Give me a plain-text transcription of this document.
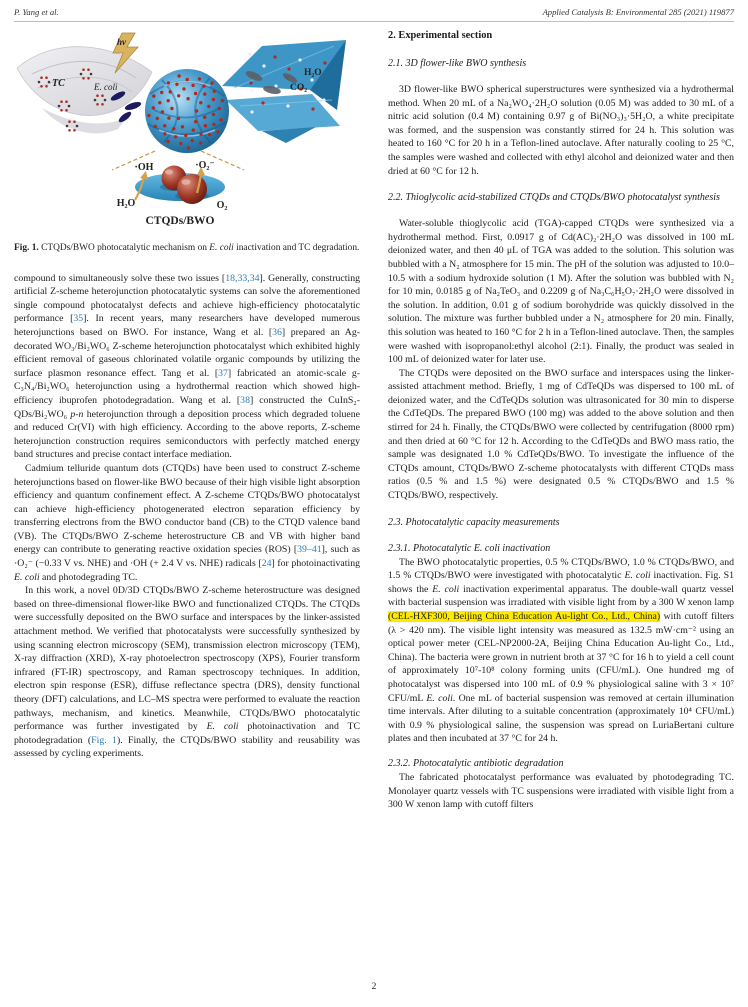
P. Yang et al.	Applied Catalysis B: Environmental 285 (2021) 119877
hν
TC	E. coli
H₂O
CO₂
·OH	·O₂⁻
H₂O	O₂
CTQDs/BWO

Fig. 1. CTQDs/BWO photocatalytic mechanism on E. coli inactivation and TC degradation.

compound to simultaneously solve these two issues [18,33,34]. Generally, constructing artificial Z-scheme heterojunction photocatalytic systems can solve the aforementioned single compound photocatalyst defects and achieve high-efficiency photocatalytic performance [35]. In recent years, many researchers have developed numerous heterojunctions based on BWO. For instance, Wang et al. [36] prepared an Ag-decorated WO₃/Bi₂WO₆ Z-scheme heterojunction photocatalyst which exhibited highly efficient removal of gaseous chlorinated volatile organic compounds by utilizing the surface plasmon resonance effect. Tang et al. [37] fabricated an atomic-scale g-C₃N₄/Bi₂WO₆ heterojunction using a hydrothermal reaction which showed high-efficiency ibuprofen photodegradation. Wang et al. [38] constructed the CuInS₂-QDs/Bi₂WO₆ p-n heterojunction through a deposition process which degraded toluene and reduced Cr(VI) with high efficiency. According to the above reports, Z-scheme heterojunction construction requires semiconductors with perfectly matched energy band structures and precise contact interface mediation.

Cadmium telluride quantum dots (CTQDs) have been used to construct Z-scheme heterojunctions based on flower-like BWO because of their high visible light absorption efficiency and quantum confinement effect. A Z-scheme CTQDs/BWO photocatalyst can achieve high-efficiency photogenerated electron separation efficiency by transferring electrons from the BWO conductor band (CB) to the CTQD valence band (VB). The CTQDs/BWO Z-scheme heterostructure CB and VB with higher band energy can contribute to generating reactive oxidation species (ROS) [39–41], such as ·O₂⁻ (−0.33 V vs. NHE) and ·OH (+ 2.4 V vs. NHE) radicals [24] for photoinactivating E. coli and photodegrading TC.

In this work, a novel 0D/3D CTQDs/BWO Z-scheme heterostructure was designed based on three-dimensional flower-like BWO and functionalized CTQDs. The CTQDs were successfully deposited on the BWO surface and interspaces by the linker-assisted attachment method. We verified that photocatalysts were successfully synthesized by using scanning electron microscopy (SEM), transmission electron microscopy (TEM), X-ray diffraction (XRD), X-ray photoelectron spectroscopy (XPS), Fourier transform infrared (FT-IR) spectroscopy, and Raman spectroscopy techniques. In addition, electron spin response (ESR), diffuse reflectance spectra (DRS), density functional theory (DFT) calculations, and LC–MS spectra were performed to evaluate the reaction pathways, mechanism, and kinetics. Meanwhile, CTQDs/BWO photocatalytic performance was further investigated by E. coli photoinactivation and TC photodegradation (Fig. 1). Finally, the CTQDs/BWO stability and reusability was assessed by cycling experiments.

2. Experimental section
2.1. 3D flower-like BWO synthesis

3D flower-like BWO spherical superstructures were synthesized via a hydrothermal method. When 20 mL of a Na₂WO₄·2H₂O solution (0.05 M) was added to 30 mL of a nitric acid solution (0.4 M) containing 0.97 g of Bi(NO₃)₃·5H₂O, a white precipitate was formed, and the suspension was constantly stirred for 24 h. This solution was heated to 160 °C for 20 h in a Teflon-lined autoclave. After naturally cooling to 25 °C, the samples were washed and collected with ethyl alcohol and deionized water and then dried at 60 °C for 12 h.

2.2. Thioglycolic acid-stabilized CTQDs and CTQDs/BWO photocatalyst synthesis

Water-soluble thioglycolic acid (TGA)-capped CTQDs were synthesized via a hydrothermal method. First, 0.0917 g of Cd(AC)₂·2H₂O was dissolved in 100 mL deionized water, and then 40 μL of TGA was added to the solution. This solution was bubbled with a N₂ atmosphere for 15 min. The pH of the solution was adjusted to 10.0–10.5 with a sodium hydroxide solution (1 M). After the solution was bubbled with N₂ for 10 min, 0.0185 g of Na₂TeO₃ and 0.2209 g of Na₃C₆H₅O₇·2H₂O were dissolved in the solution. In addition, 0.01 g of sodium borohydride was quickly dissolved in the solution. The mixture was further bubbled under a N₂ atmosphere for 20 min. Finally, this solution was heated to 160 °C for 2 h in a Teflon-lined autoclave. Then, the samples were washed with isopropanol:ethyl alcohol (2:1). Finally, the product was sealed in 100 mL of deionized water for later use.

The CTQDs were deposited on the BWO surface and interspaces using the linker-assisted attachment method. Briefly, 1 mg of CdTeQDs was dispersed to 100 mL of deionized water, and the CdTeQDs solution was ultrasonicated for 30 min to disperse the CdTeQDs. The prepared BWO (100 mg) was added to the above solution and then stirred for 24 h. Finally, the CTQDs/BWO were collected by centrifugation (8000 rpm) and then dried at 60 °C for 12 h. According to the CdTeQDs and BWO mass ratio, the sample was designated 1.0 % CdTeQDs/BWO. To investigate the influence of the CTQDs amount, CTQDs/BWO Z-scheme photocatalysts with different CTQDs mass ratios (0.5 % and 1.5 %) were designated 0.5 % CTQDs/BWO and 1.5 % CTQDs/BWO, respectively.

2.3. Photocatalytic capacity measurements
2.3.1. Photocatalytic E. coli inactivation

The BWO photocatalytic properties, 0.5 % CTQDs/BWO, 1.0 % CTQDs/BWO, and 1.5 % CTQDs/BWO were investigated with photocatalytic E. coli inactivation. Fig. S1 shows the E. coli inactivation experimental apparatus. The double-wall quartz vessel with bacterial suspension was irradiated with visible light from by a 300 W xenon lamp (CEL-HXF300, Beijing China Education Au-light Co., Ltd., China) with cutoff filters (λ > 420 nm). The visible light intensity was measured as 132.5 mW·cm⁻² using an optical power meter (CEL-NP2000-2A, Beijing China Education Au-light Co., Ltd., China). The bacteria were grown in nutrient broth at 37 °C for 16 h to yield a cell count of approximately 10⁷-10⁸ colony forming units (CFU/mL). One hundred mg of photocatalyst was dispersed into 100 mL of 0.9 % physiological saline with 3 × 10⁷ CFU/mL E. coli. One mL of bacterial suspension was removed at certain illumination time intervals. After diluting to a suitable concentration (approximately 10⁴ CFU/mL) with 0.9 % physiological saline, the suspension was spread on LuriaBertani culture plates and then incubated at 37 °C for 24 h.

2.3.2. Photocatalytic antibiotic degradation

The fabricated photocatalyst performance was evaluated by photodegrading TC. Monolayer quartz vessels with TC suspensions were irradiated with visible light from a 300 W xenon lamp with cutoff filters

2
